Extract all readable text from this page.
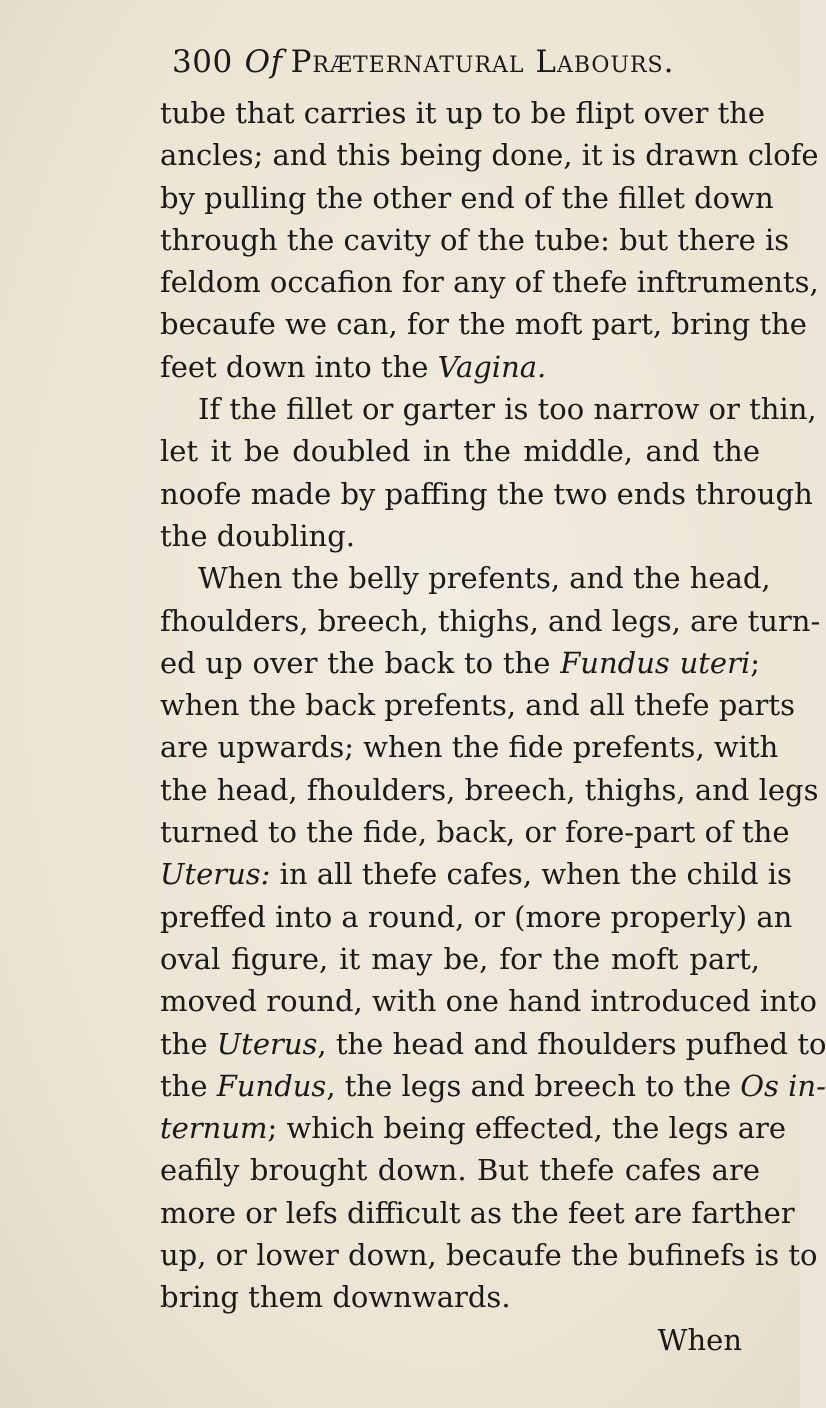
300 Of Præternatural Labours.
tube that carries it up to be flipt over the
ancles; and this being done, it is drawn clofe
by pulling the other end of the fillet down
through the cavity of the tube: but there is
feldom occafion for any of thefe inftruments,
becaufe we can, for the moft part, bring the
feet down into the Vagina.
If the fillet or garter is too narrow or thin,
let it be doubled in the middle, and the
noofe made by paffing the two ends through
the doubling.
When the belly prefents, and the head,
fhoulders, breech, thighs, and legs, are turn-
ed up over the back to the Fundus uteri;
when the back prefents, and all thefe parts
are upwards; when the fide prefents, with
the head, fhoulders, breech, thighs, and legs
turned to the fide, back, or fore-part of the
Uterus: in all thefe cafes, when the child is
preffed into a round, or (more properly) an
oval figure, it may be, for the moft part,
moved round, with one hand introduced into
the Uterus, the head and fhoulders pufhed to
the Fundus, the legs and breech to the Os in-
ternum; which being effected, the legs are
eafily brought down. But thefe cafes are
more or lefs difficult as the feet are farther
up, or lower down, becaufe the bufinefs is to
bring them downwards.
When
